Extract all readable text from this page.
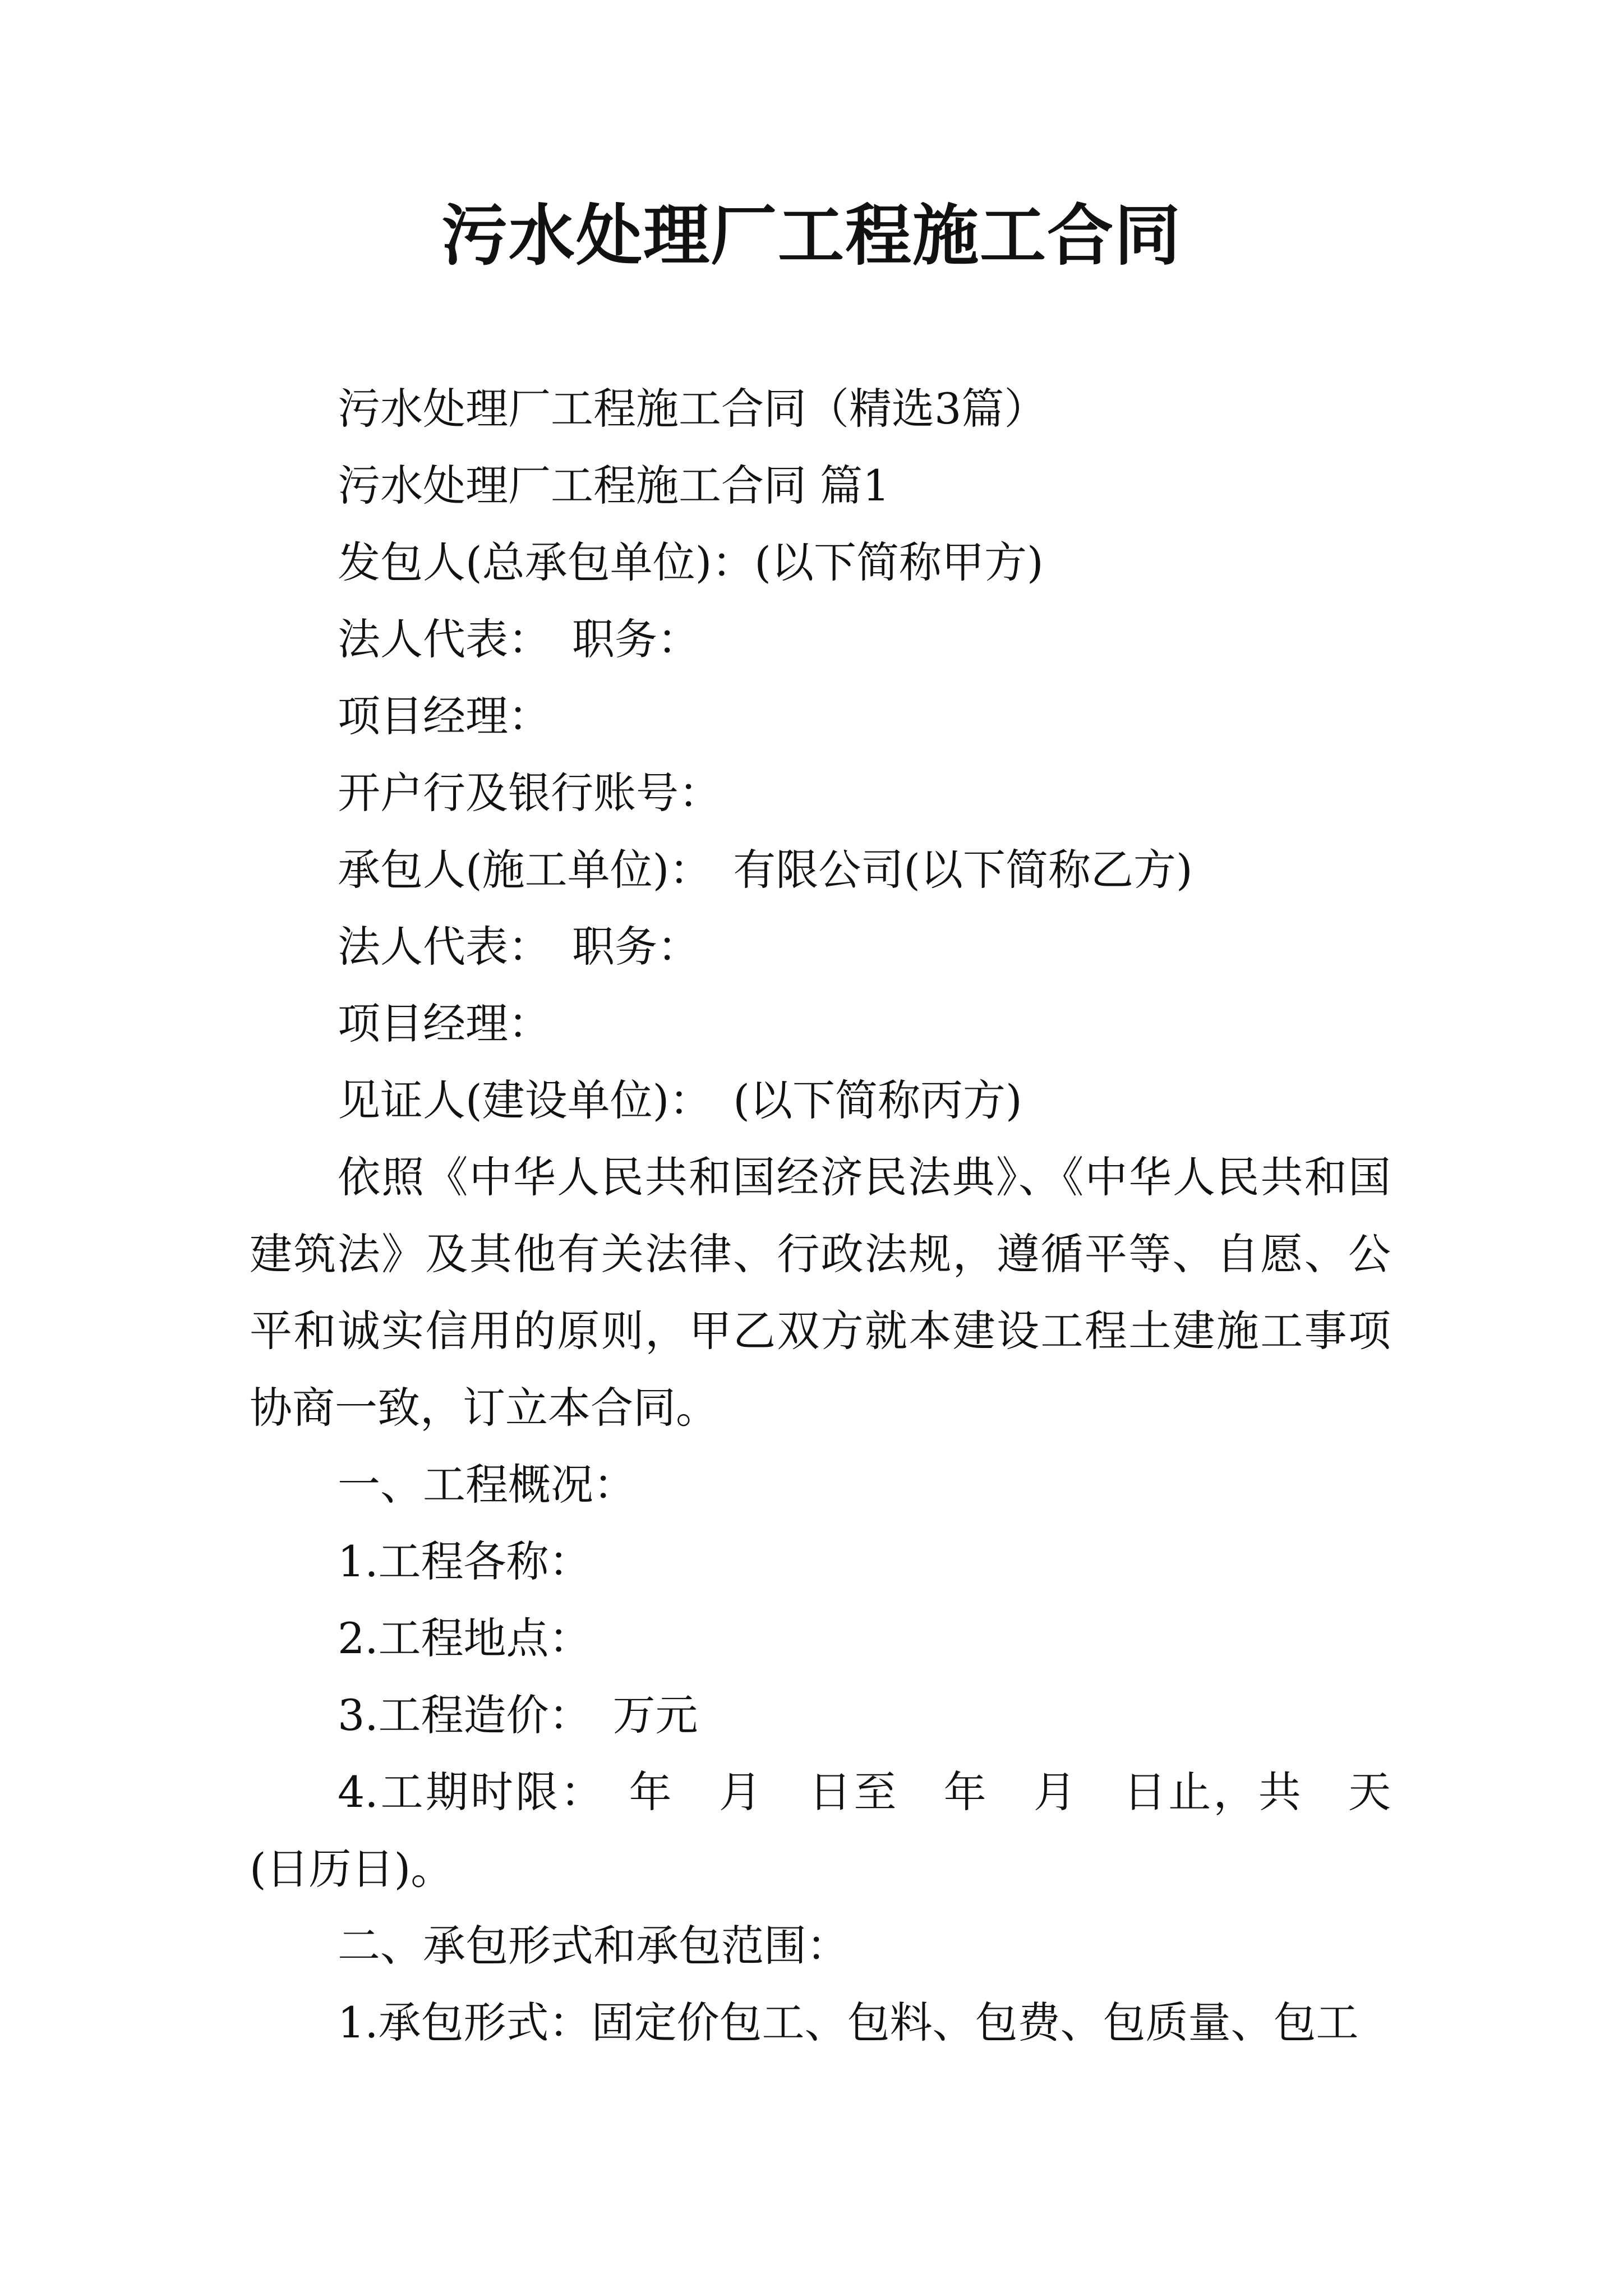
污水处理厂工程施工合同

污水处理厂工程施工合同（精选3篇）

污水处理厂工程施工合同 篇1

发包人(总承包单位)：(以下简称甲方)

法人代表：　职务：

项目经理：

开户行及银行账号：

承包人(施工单位)：　有限公司(以下简称乙方)

法人代表：　职务：

项目经理：

见证人(建设单位)：　(以下简称丙方)

依照《中华人民共和国经济民法典》、《中华人民共和国建筑法》及其他有关法律、行政法规，遵循平等、自愿、公平和诚实信用的原则，甲乙双方就本建设工程土建施工事项协商一致，订立本合同。

一、工程概况：

1.工程各称：

2.工程地点：

3.工程造价：　万元

4.工期时限：　年　月　日至　年　月　日止，共　天(日历日)。

二、承包形式和承包范围：

1.承包形式：固定价包工、包料、包费、包质量、包工
